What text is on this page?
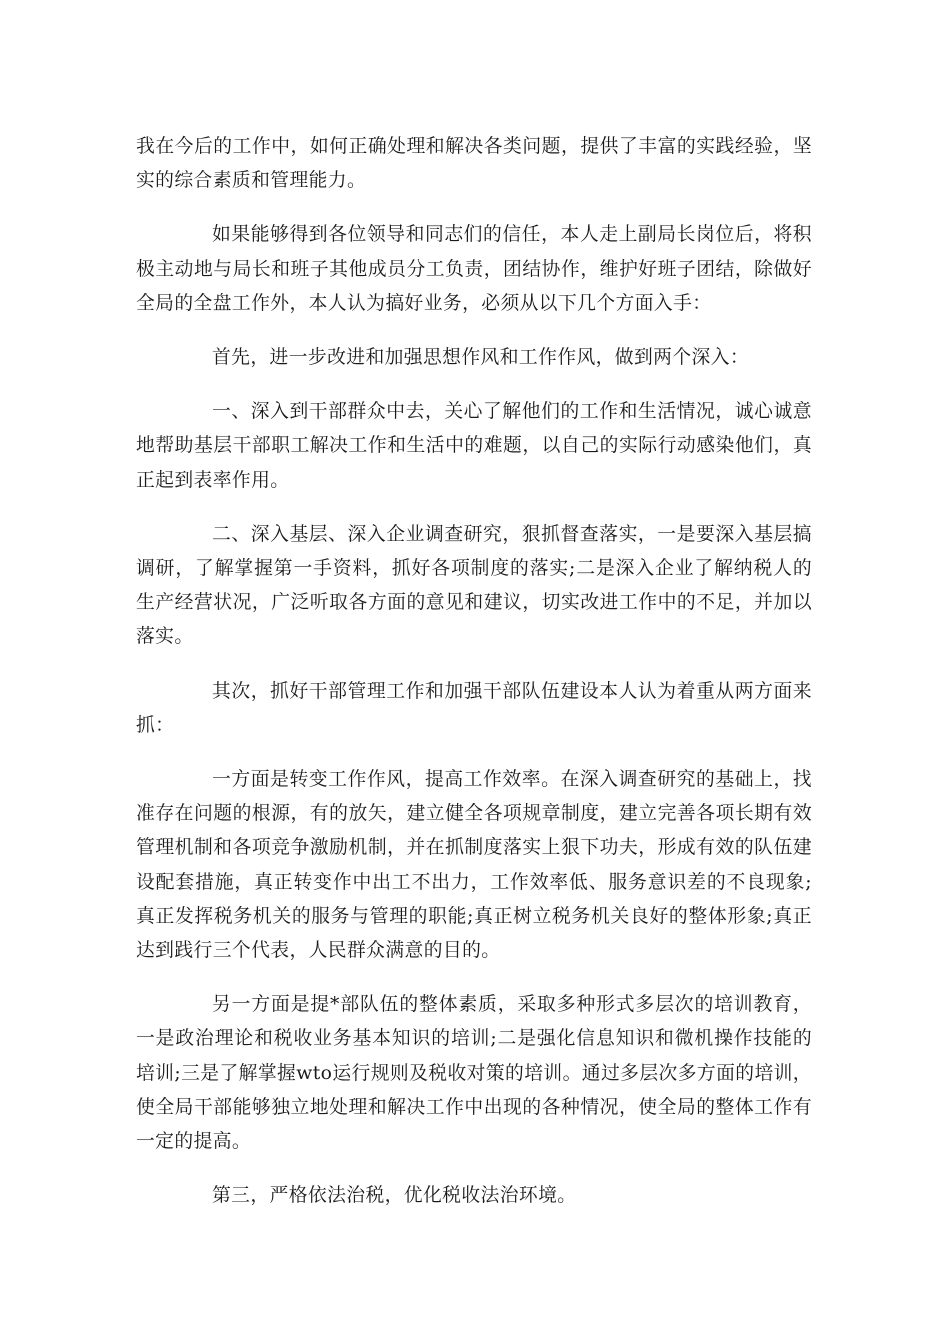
我在今后的工作中，如何正确处理和解决各类问题，提供了丰富的实践经验，坚实的综合素质和管理能力。

如果能够得到各位领导和同志们的信任，本人走上副局长岗位后，将积极主动地与局长和班子其他成员分工负责，团结协作，维护好班子团结，除做好全局的全盘工作外，本人认为搞好业务，必须从以下几个方面入手：

首先，进一步改进和加强思想作风和工作作风，做到两个深入：

一、深入到干部群众中去，关心了解他们的工作和生活情况，诚心诚意地帮助基层干部职工解决工作和生活中的难题，以自己的实际行动感染他们，真正起到表率作用。

二、深入基层、深入企业调查研究，狠抓督查落实，一是要深入基层搞调研，了解掌握第一手资料，抓好各项制度的落实;二是深入企业了解纳税人的生产经营状况，广泛听取各方面的意见和建议，切实改进工作中的不足，并加以落实。

其次，抓好干部管理工作和加强干部队伍建设本人认为着重从两方面来抓：

一方面是转变工作作风，提高工作效率。在深入调查研究的基础上，找准存在问题的根源，有的放矢，建立健全各项规章制度，建立完善各项长期有效管理机制和各项竞争激励机制，并在抓制度落实上狠下功夫，形成有效的队伍建设配套措施，真正转变作中出工不出力，工作效率低、服务意识差的不良现象;真正发挥税务机关的服务与管理的职能;真正树立税务机关良好的整体形象;真正达到践行三个代表，人民群众满意的目的。

另一方面是提*部队伍的整体素质，采取多种形式多层次的培训教育，一是政治理论和税收业务基本知识的培训;二是强化信息知识和微机操作技能的培训;三是了解掌握wto运行规则及税收对策的培训。通过多层次多方面的培训，使全局干部能够独立地处理和解决工作中出现的各种情况，使全局的整体工作有一定的提高。

第三，严格依法治税，优化税收法治环境。
